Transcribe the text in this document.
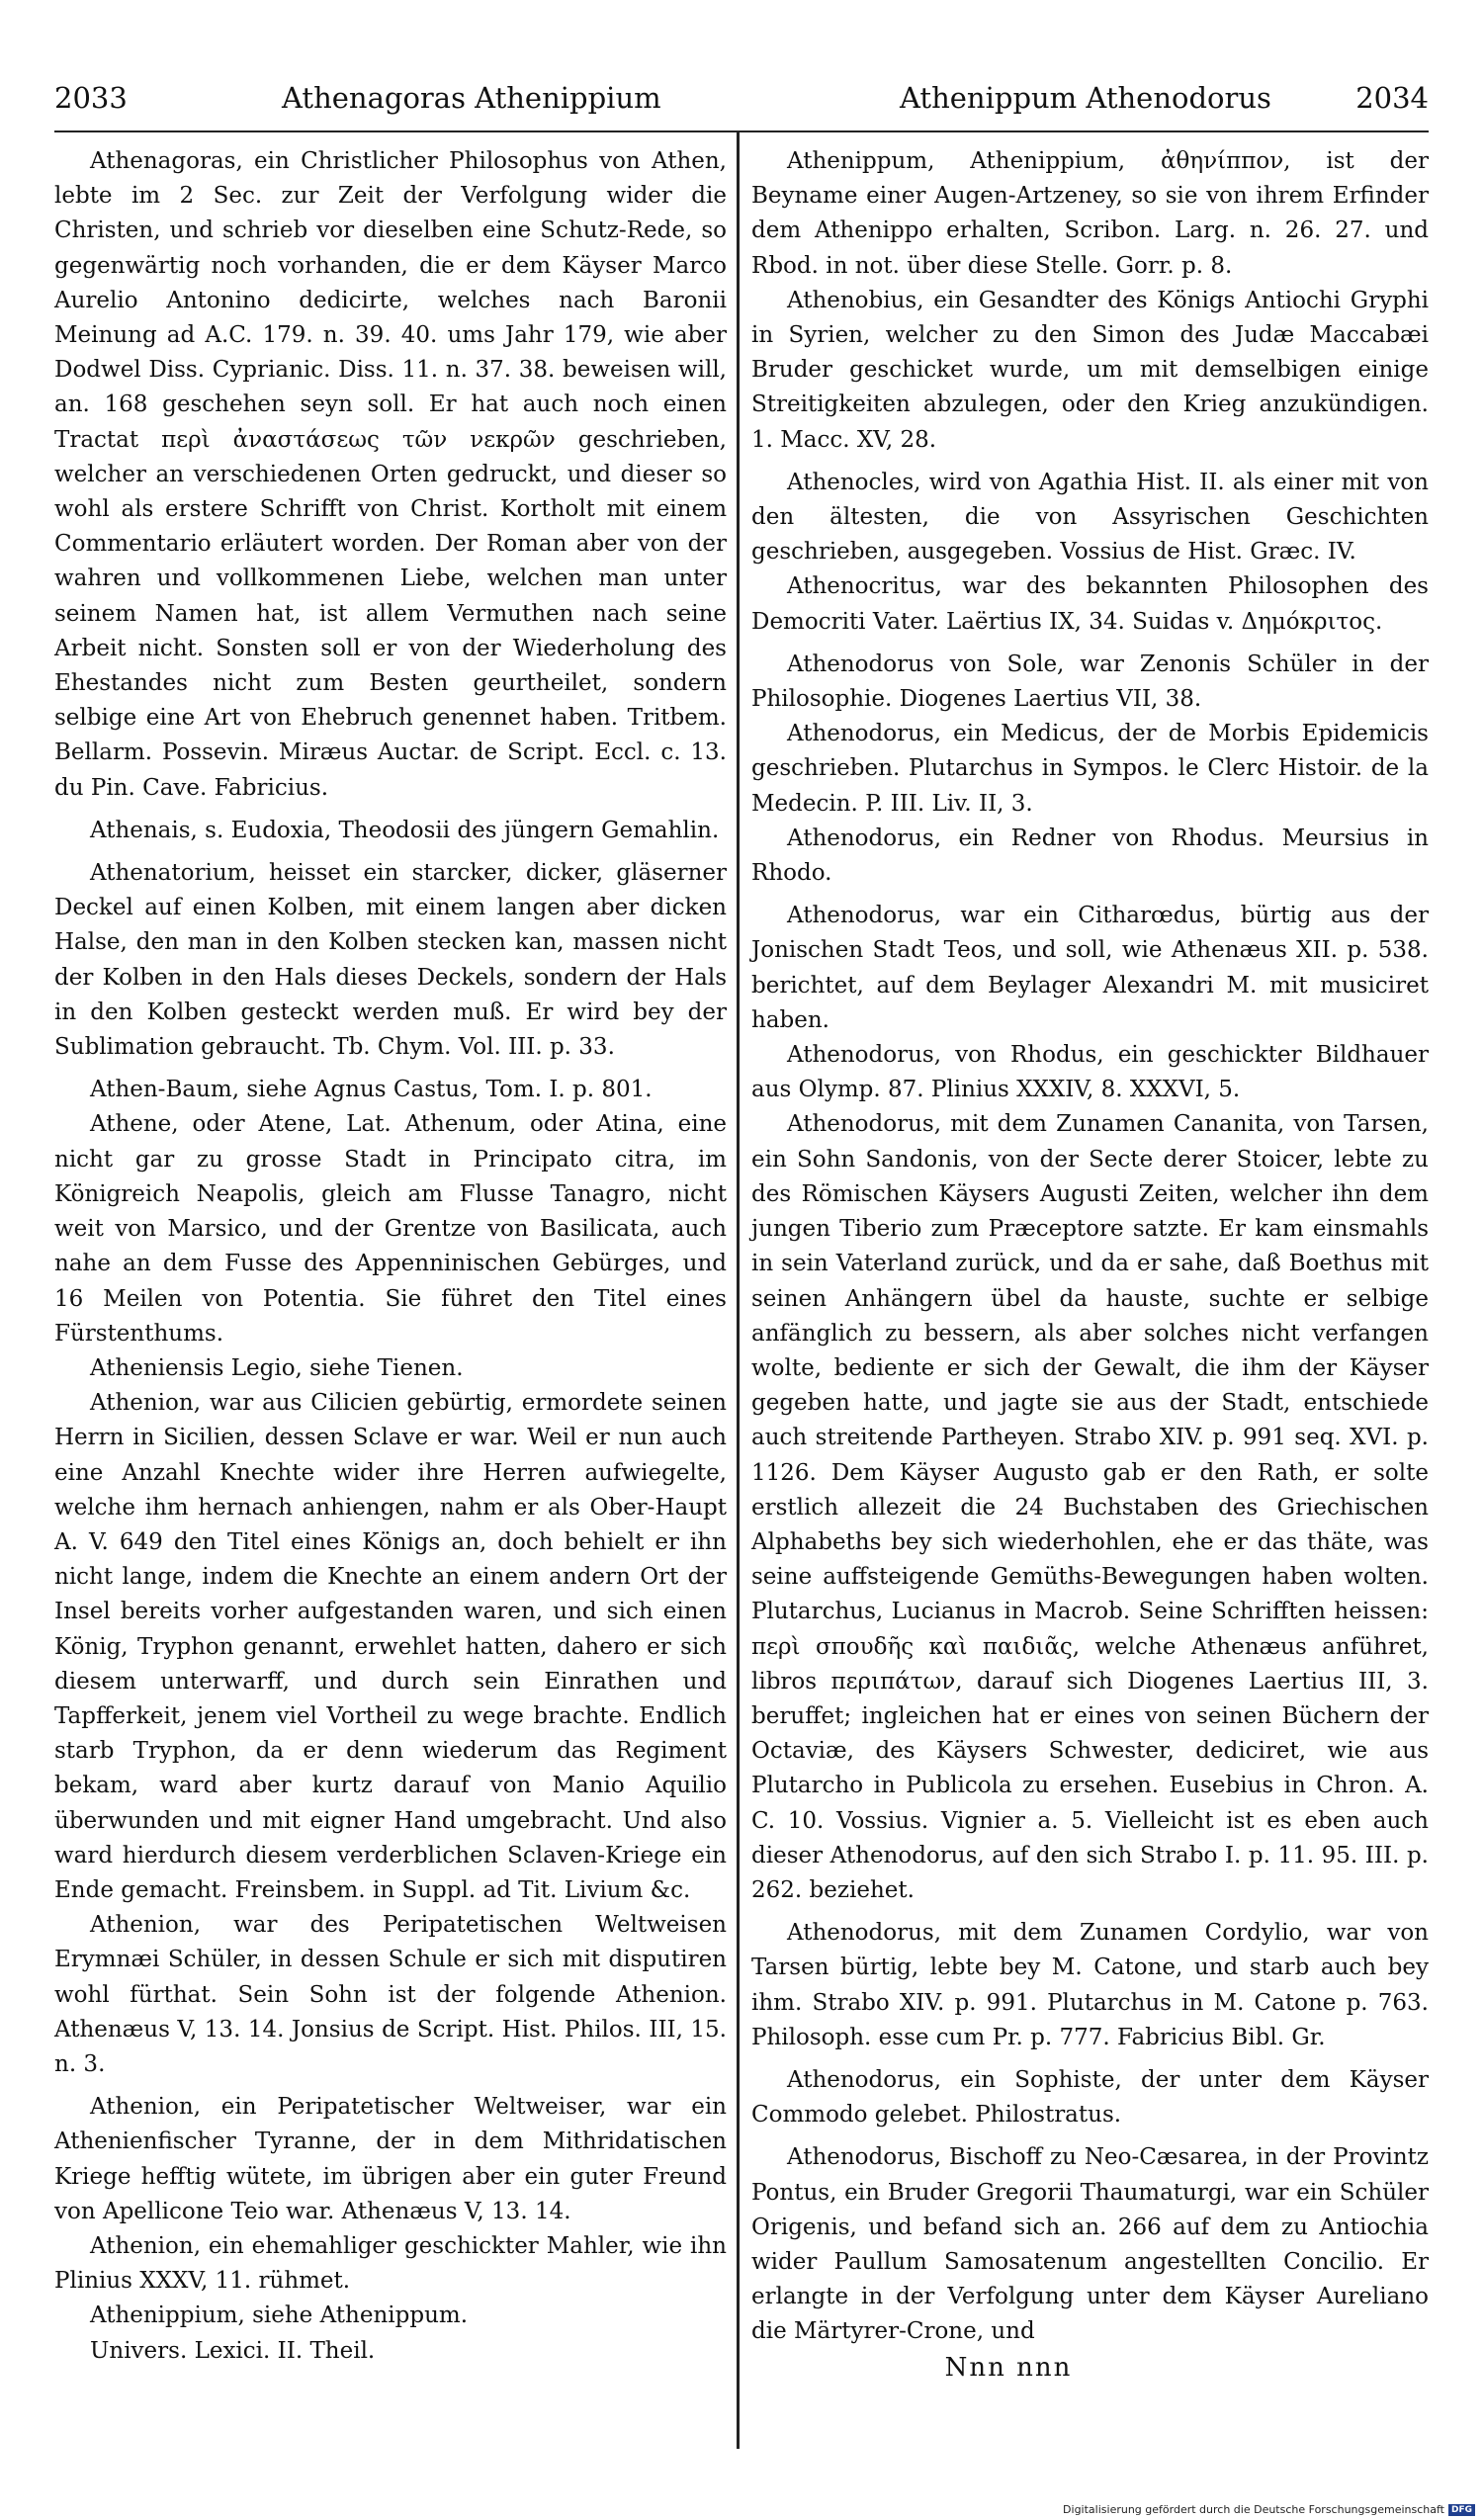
2033	Athenagoras Athenippium	Athenippum Athenodorus	2034

Athenagoras, ein Christlicher Philosophus von Athen, lebte im 2 Sec. zur Zeit der Verfolgung wider die Christen, und schrieb vor dieselben eine Schutz-Rede, so gegenwärtig noch vorhanden, die er dem Käyser Marco Aurelio Antonino dedicirte, welches nach Baronii Meinung ad A.C. 179. n. 39. 40. ums Jahr 179, wie aber Dodwel Diss. Cyprianic. Diss. 11. n. 37. 38. beweisen will, an. 168 geschehen seyn soll. Er hat auch noch einen Tractat περὶ ἀναστάσεως τῶν νεκρῶν geschrieben, welcher an verschiedenen Orten gedruckt, und dieser so wohl als erstere Schrifft von Christ. Kortholt mit einem Commentario erläutert worden. Der Roman aber von der wahren und vollkommenen Liebe, welchen man unter seinem Namen hat, ist allem Vermuthen nach seine Arbeit nicht. Sonsten soll er von der Wiederholung des Ehestandes nicht zum Besten geurtheilet, sondern selbige eine Art von Ehebruch genennet haben. Tritbem. Bellarm. Possevin. Miræus Auctar. de Script. Eccl. c. 13. du Pin. Cave. Fabricius.

Athenais, s. Eudoxia, Theodosii des jüngern Gemahlin.

Athenatorium, heisset ein starcker, dicker, gläserner Deckel auf einen Kolben, mit einem langen aber dicken Halse, den man in den Kolben stecken kan, massen nicht der Kolben in den Hals dieses Deckels, sondern der Hals in den Kolben gesteckt werden muß. Er wird bey der Sublimation gebraucht. Tb. Chym. Vol. III. p. 33.

Athen-Baum, siehe Agnus Castus, Tom. I. p. 801.

Athene, oder Atene, Lat. Athenum, oder Atina, eine nicht gar zu grosse Stadt in Principato citra, im Königreich Neapolis, gleich am Flusse Tanagro, nicht weit von Marsico, und der Grentze von Basilicata, auch nahe an dem Fusse des Appenninischen Gebürges, und 16 Meilen von Potentia. Sie führet den Titel eines Fürstenthums.

Atheniensis Legio, siehe Tienen.

Athenion, war aus Cilicien gebürtig, ermordete seinen Herrn in Sicilien, dessen Sclave er war. Weil er nun auch eine Anzahl Knechte wider ihre Herren aufwiegelte, welche ihm hernach anhiengen, nahm er als Ober-Haupt A. V. 649 den Titel eines Königs an, doch behielt er ihn nicht lange, indem die Knechte an einem andern Ort der Insel bereits vorher aufgestanden waren, und sich einen König, Tryphon genannt, erwehlet hatten, dahero er sich diesem unterwarff, und durch sein Einrathen und Tapfferkeit, jenem viel Vortheil zu wege brachte. Endlich starb Tryphon, da er denn wiederum das Regiment bekam, ward aber kurtz darauf von Manio Aquilio überwunden und mit eigner Hand umgebracht. Und also ward hierdurch diesem verderblichen Sclaven-Kriege ein Ende gemacht. Freinsbem. in Suppl. ad Tit. Livium &c.

Athenion, war des Peripatetischen Weltweisen Erymnæi Schüler, in dessen Schule er sich mit disputiren wohl fürthat. Sein Sohn ist der folgende Athenion. Athenæus V, 13. 14. Jonsius de Script. Hist. Philos. III, 15. n. 3.

Athenion, ein Peripatetischer Weltweiser, war ein Athenienfischer Tyranne, der in dem Mithridatischen Kriege hefftig wütete, im übrigen aber ein guter Freund von Apellicone Teio war. Athenæus V, 13. 14.

Athenion, ein ehemahliger geschickter Mahler, wie ihn Plinius XXXV, 11. rühmet.

Athenippium, siehe Athenippum.

Univers. Lexici. II. Theil.

Athenippum, Athenippium, ἀθηνίππον, ist der Beyname einer Augen-Artzeney, so sie von ihrem Erfinder dem Athenippo erhalten, Scribon. Larg. n. 26. 27. und Rbod. in not. über diese Stelle. Gorr. p. 8.

Athenobius, ein Gesandter des Königs Antiochi Gryphi in Syrien, welcher zu den Simon des Judæ Maccabæi Bruder geschicket wurde, um mit demselbigen einige Streitigkeiten abzulegen, oder den Krieg anzukündigen. 1. Macc. XV, 28.

Athenocles, wird von Agathia Hist. II. als einer mit von den ältesten, die von Assyrischen Geschichten geschrieben, ausgegeben. Vossius de Hist. Græc. IV.

Athenocritus, war des bekannten Philosophen des Democriti Vater. Laërtius IX, 34. Suidas v. Δημόκριτος.

Athenodorus von Sole, war Zenonis Schüler in der Philosophie. Diogenes Laertius VII, 38.

Athenodorus, ein Medicus, der de Morbis Epidemicis geschrieben. Plutarchus in Sympos. le Clerc Histoir. de la Medecin. P. III. Liv. II, 3.

Athenodorus, ein Redner von Rhodus. Meursius in Rhodo.

Athenodorus, war ein Citharœdus, bürtig aus der Jonischen Stadt Teos, und soll, wie Athenæus XII. p. 538. berichtet, auf dem Beylager Alexandri M. mit musiciret haben.

Athenodorus, von Rhodus, ein geschickter Bildhauer aus Olymp. 87. Plinius XXXIV, 8. XXXVI, 5.

Athenodorus, mit dem Zunamen Cananita, von Tarsen, ein Sohn Sandonis, von der Secte derer Stoicer, lebte zu des Römischen Käysers Augusti Zeiten, welcher ihn dem jungen Tiberio zum Præceptore satzte. Er kam einsmahls in sein Vaterland zurück, und da er sahe, daß Boethus mit seinen Anhängern übel da hauste, suchte er selbige anfänglich zu bessern, als aber solches nicht verfangen wolte, bediente er sich der Gewalt, die ihm der Käyser gegeben hatte, und jagte sie aus der Stadt, entschiede auch streitende Partheyen. Strabo XIV. p. 991 seq. XVI. p. 1126. Dem Käyser Augusto gab er den Rath, er solte erstlich allezeit die 24 Buchstaben des Griechischen Alphabeths bey sich wiederhohlen, ehe er das thäte, was seine auffsteigende Gemüths-Bewegungen haben wolten. Plutarchus, Lucianus in Macrob. Seine Schrifften heissen: περὶ σπουδῆς καὶ παιδιᾶς, welche Athenæus anführet, libros περιπάτων, darauf sich Diogenes Laertius III, 3. beruffet; ingleichen hat er eines von seinen Büchern der Octaviæ, des Käysers Schwester, dediciret, wie aus Plutarcho in Publicola zu ersehen. Eusebius in Chron. A. C. 10. Vossius. Vignier a. 5. Vielleicht ist es eben auch dieser Athenodorus, auf den sich Strabo I. p. 11. 95. III. p. 262. beziehet.

Athenodorus, mit dem Zunamen Cordylio, war von Tarsen bürtig, lebte bey M. Catone, und starb auch bey ihm. Strabo XIV. p. 991. Plutarchus in M. Catone p. 763. Philosoph. esse cum Pr. p. 777. Fabricius Bibl. Gr.

Athenodorus, ein Sophiste, der unter dem Käyser Commodo gelebet. Philostratus.

Athenodorus, Bischoff zu Neo-Cæsarea, in der Provintz Pontus, ein Bruder Gregorii Thaumaturgi, war ein Schüler Origenis, und befand sich an. 266 auf dem zu Antiochia wider Paullum Samosatenum angestellten Concilio. Er erlangte in der Verfolgung unter dem Käyser Aureliano die Märtyrer-Crone, und

Nnn nnn
Digitalisierung gefördert durch die Deutsche Forschungsgemeinschaft DFG
